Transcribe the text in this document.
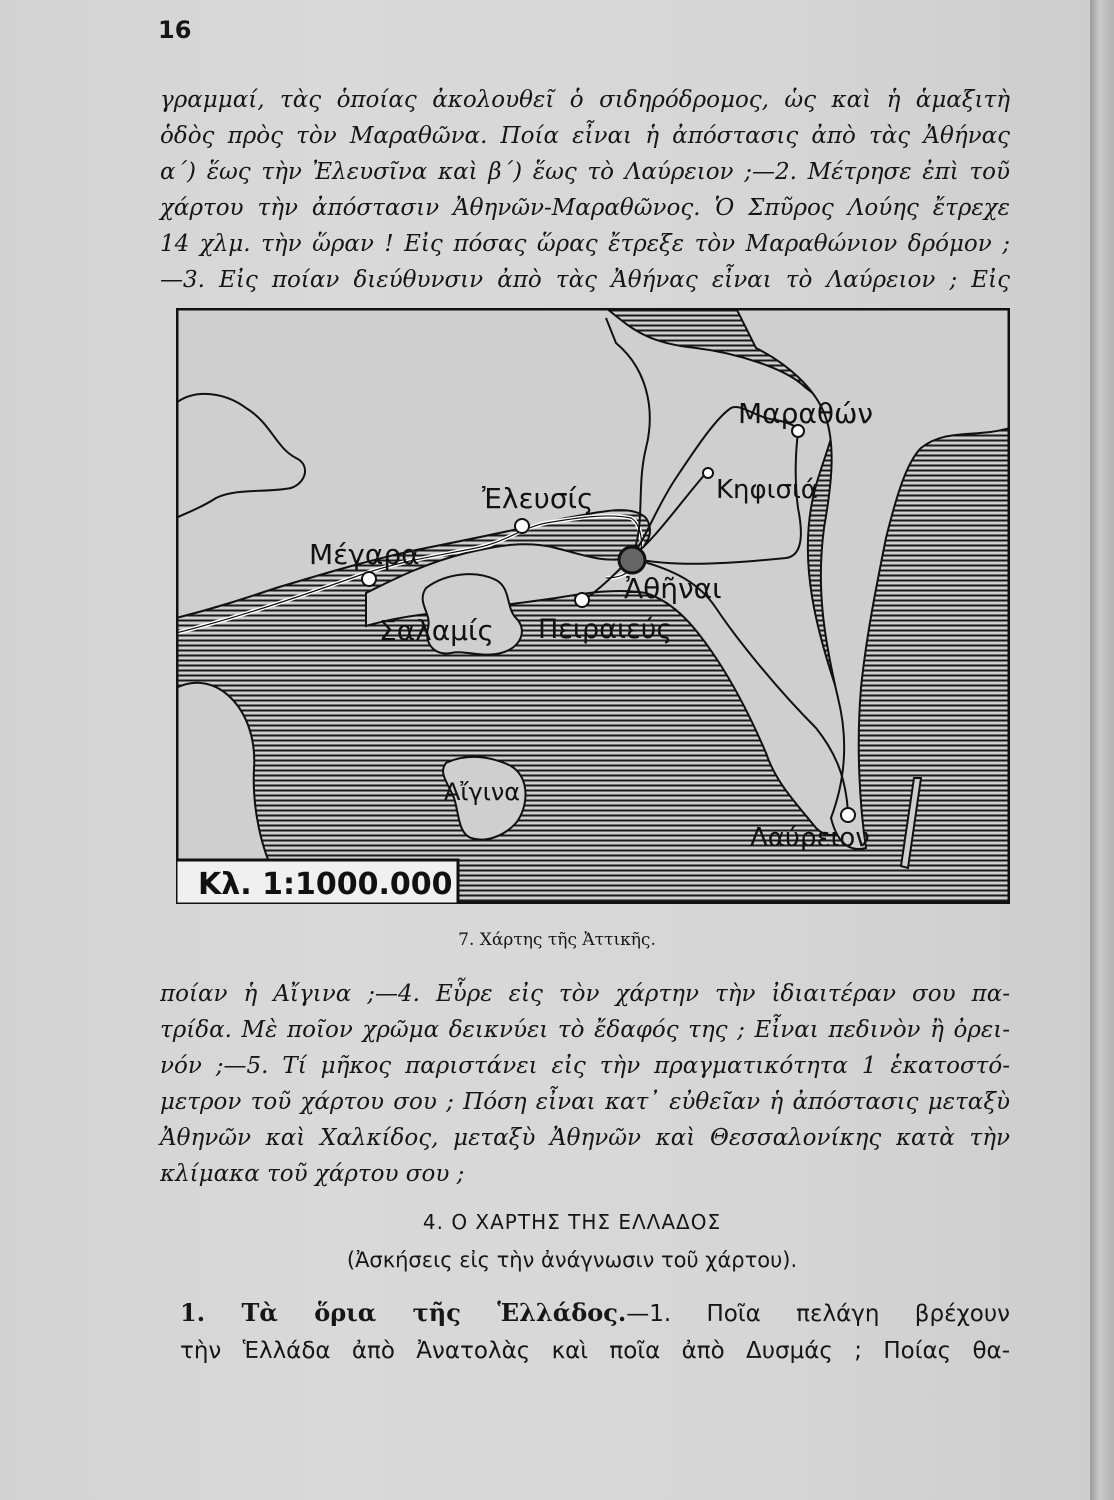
16

γραμμαί, τὰς ὁποίας ἀκολουθεῖ ὁ σιδηρόδρομος, ὡς καὶ ἡ ἁμαξιτὴ

ὁδὸς πρὸς τὸν Μαραθῶνα. Ποία εἶναι ἡ ἀπόστασις ἀπὸ τὰς Ἀθήνας

α΄) ἕως τὴν Ἐλευσῖνα καὶ β΄) ἕως τὸ Λαύρειον ;—2. Μέτρησε ἐπὶ τοῦ

χάρτου τὴν ἀπόστασιν Ἀθηνῶν-Μαραθῶνος. Ὁ Σπῦρος Λούης ἔτρεχε

14 χλμ. τὴν ὥραν ! Εἰς πόσας ὥρας ἔτρεξε τὸν Μαραθώνιον δρόμον ;

—3. Εἰς ποίαν διεύθυνσιν ἀπὸ τὰς Ἀθήνας εἶναι τὸ Λαύρειον ; Εἰς

Μαραθών
Κηφισιά
Ἐλευσίς
Μέγαρα
Ἀθῆναι
Σαλαμίς Πειραιεύς
Αἴγινα
Λαύρειον
Κλ. 1:1000.000
7. Χάρτης τῆς Ἀττικῆς.

ποίαν ἡ Αἴγινα ;—4. Εὗρε εἰς τὸν χάρτην τὴν ἰδιαιτέραν σου πα-

τρίδα. Μὲ ποῖον χρῶμα δεικνύει τὸ ἔδαφός της ; Εἶναι πεδινὸν ἢ ὀρει-

νόν ;—5. Τί μῆκος παριστάνει εἰς τὴν πραγματικότητα 1 ἑκατοστό-

μετρον τοῦ χάρτου σου ; Πόση εἶναι κατ᾽ εὐθεῖαν ἡ ἀπόστασις μεταξὺ

Ἀθηνῶν καὶ Χαλκίδος, μεταξὺ Ἀθηνῶν καὶ Θεσσαλονίκης κατὰ τὴν

κλίμακα τοῦ χάρτου σου ;

4. Ο ΧΑΡΤΗΣ ΤΗΣ ΕΛΛΑΔΟΣ
(Ἀσκήσεις εἰς τὴν ἀνάγνωσιν τοῦ χάρτου).

1. Τὰ ὅρια τῆς Ἑλλάδος.—1. Ποῖα πελάγη βρέχουν

τὴν Ἑλλάδα ἀπὸ Ἀνατολὰς καὶ ποῖα ἀπὸ Δυσμάς ; Ποίας θα-
